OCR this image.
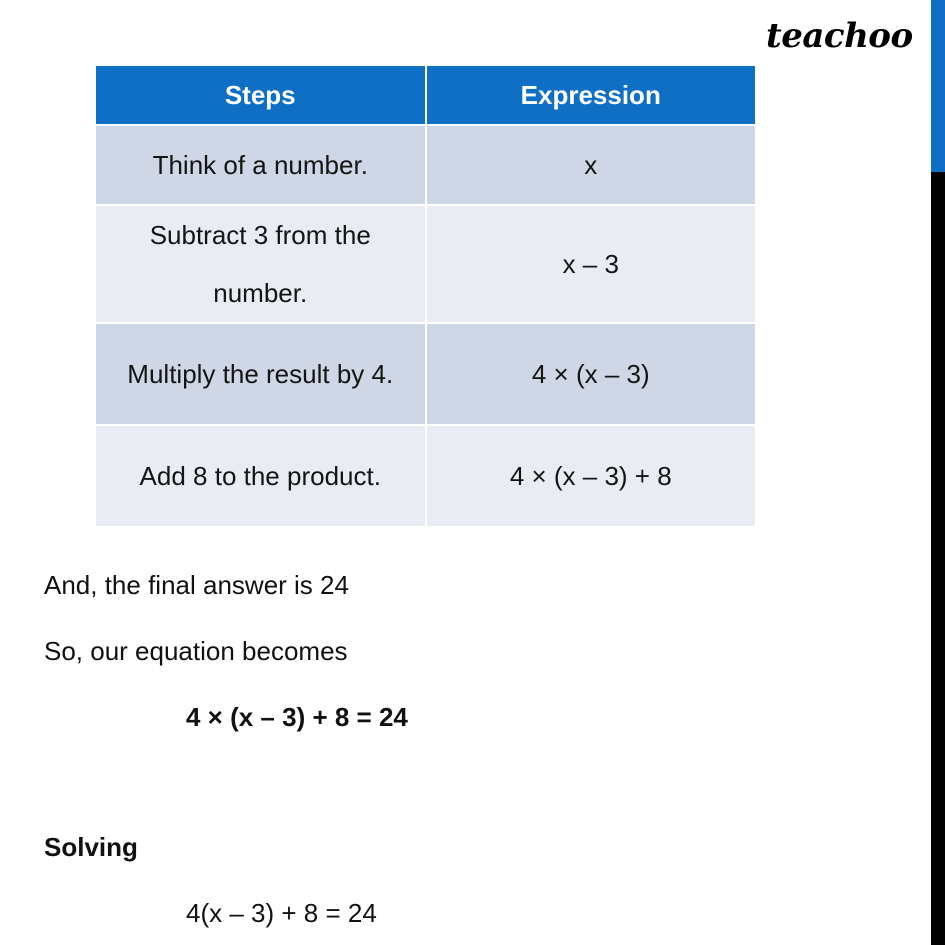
teachoo
Steps	Expression
Think of a number.	x
Subtract 3 from the number.	x – 3
Multiply the result by 4.	4 × (x – 3)
Add 8 to the product.	4 × (x – 3) + 8
And, the final answer is 24
So, our equation becomes
4 × (x – 3) + 8 = 24
Solving
4(x – 3) + 8 = 24
